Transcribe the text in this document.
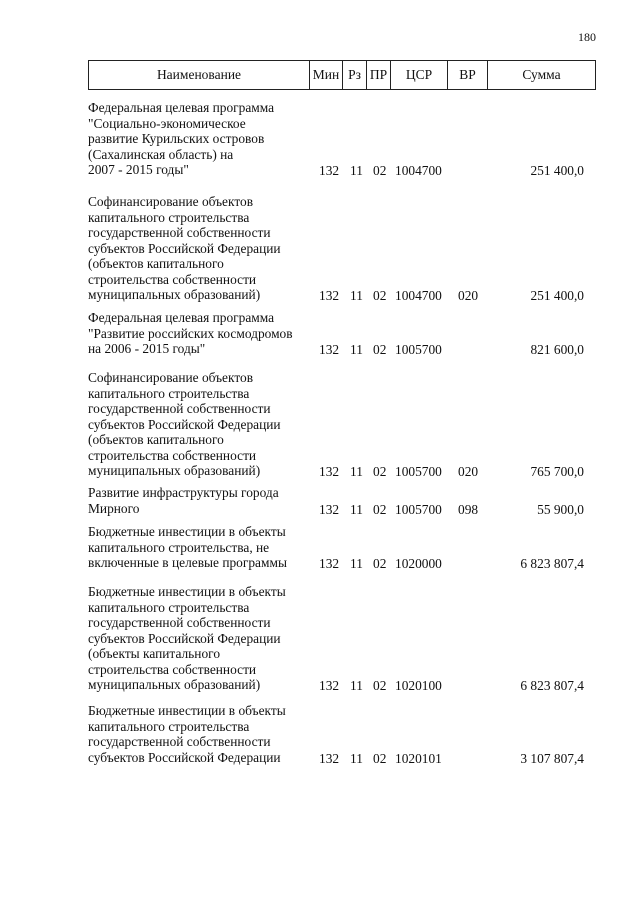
180
Наименование	Мин Рз ПР	ЦСР	ВР	Сумма
Федеральная целевая программа
"Социально-экономическое
развитие Курильских островов
(Сахалинская область) на
2007 - 2015 годы"	132 11 02 1004700	251 400,0
Софинансирование объектов
капитального строительства
государственной собственности
субъектов Российской Федерации
(объектов капитального
строительства собственности
муниципальных образований)	132 11 02 1004700 020	251 400,0
Федеральная целевая программа
"Развитие российских космодромов
на 2006 - 2015 годы"	132 11 02 1005700	821 600,0
Софинансирование объектов
капитального строительства
государственной собственности
субъектов Российской Федерации
(объектов капитального
строительства собственности
муниципальных образований)	132 11 02 1005700 020	765 700,0
Развитие инфраструктуры города
Мирного	132 11 02 1005700 098	55 900,0
Бюджетные инвестиции в объекты
капитального строительства, не
включенные в целевые программы	132 11 02 1020000	6 823 807,4
Бюджетные инвестиции в объекты
капитального строительства
государственной собственности
субъектов Российской Федерации
(объекты капитального
строительства собственности
муниципальных образований)	132 11 02 1020100	6 823 807,4
Бюджетные инвестиции в объекты
капитального строительства
государственной собственности
субъектов Российской Федерации	132 11 02 1020101	3 107 807,4
